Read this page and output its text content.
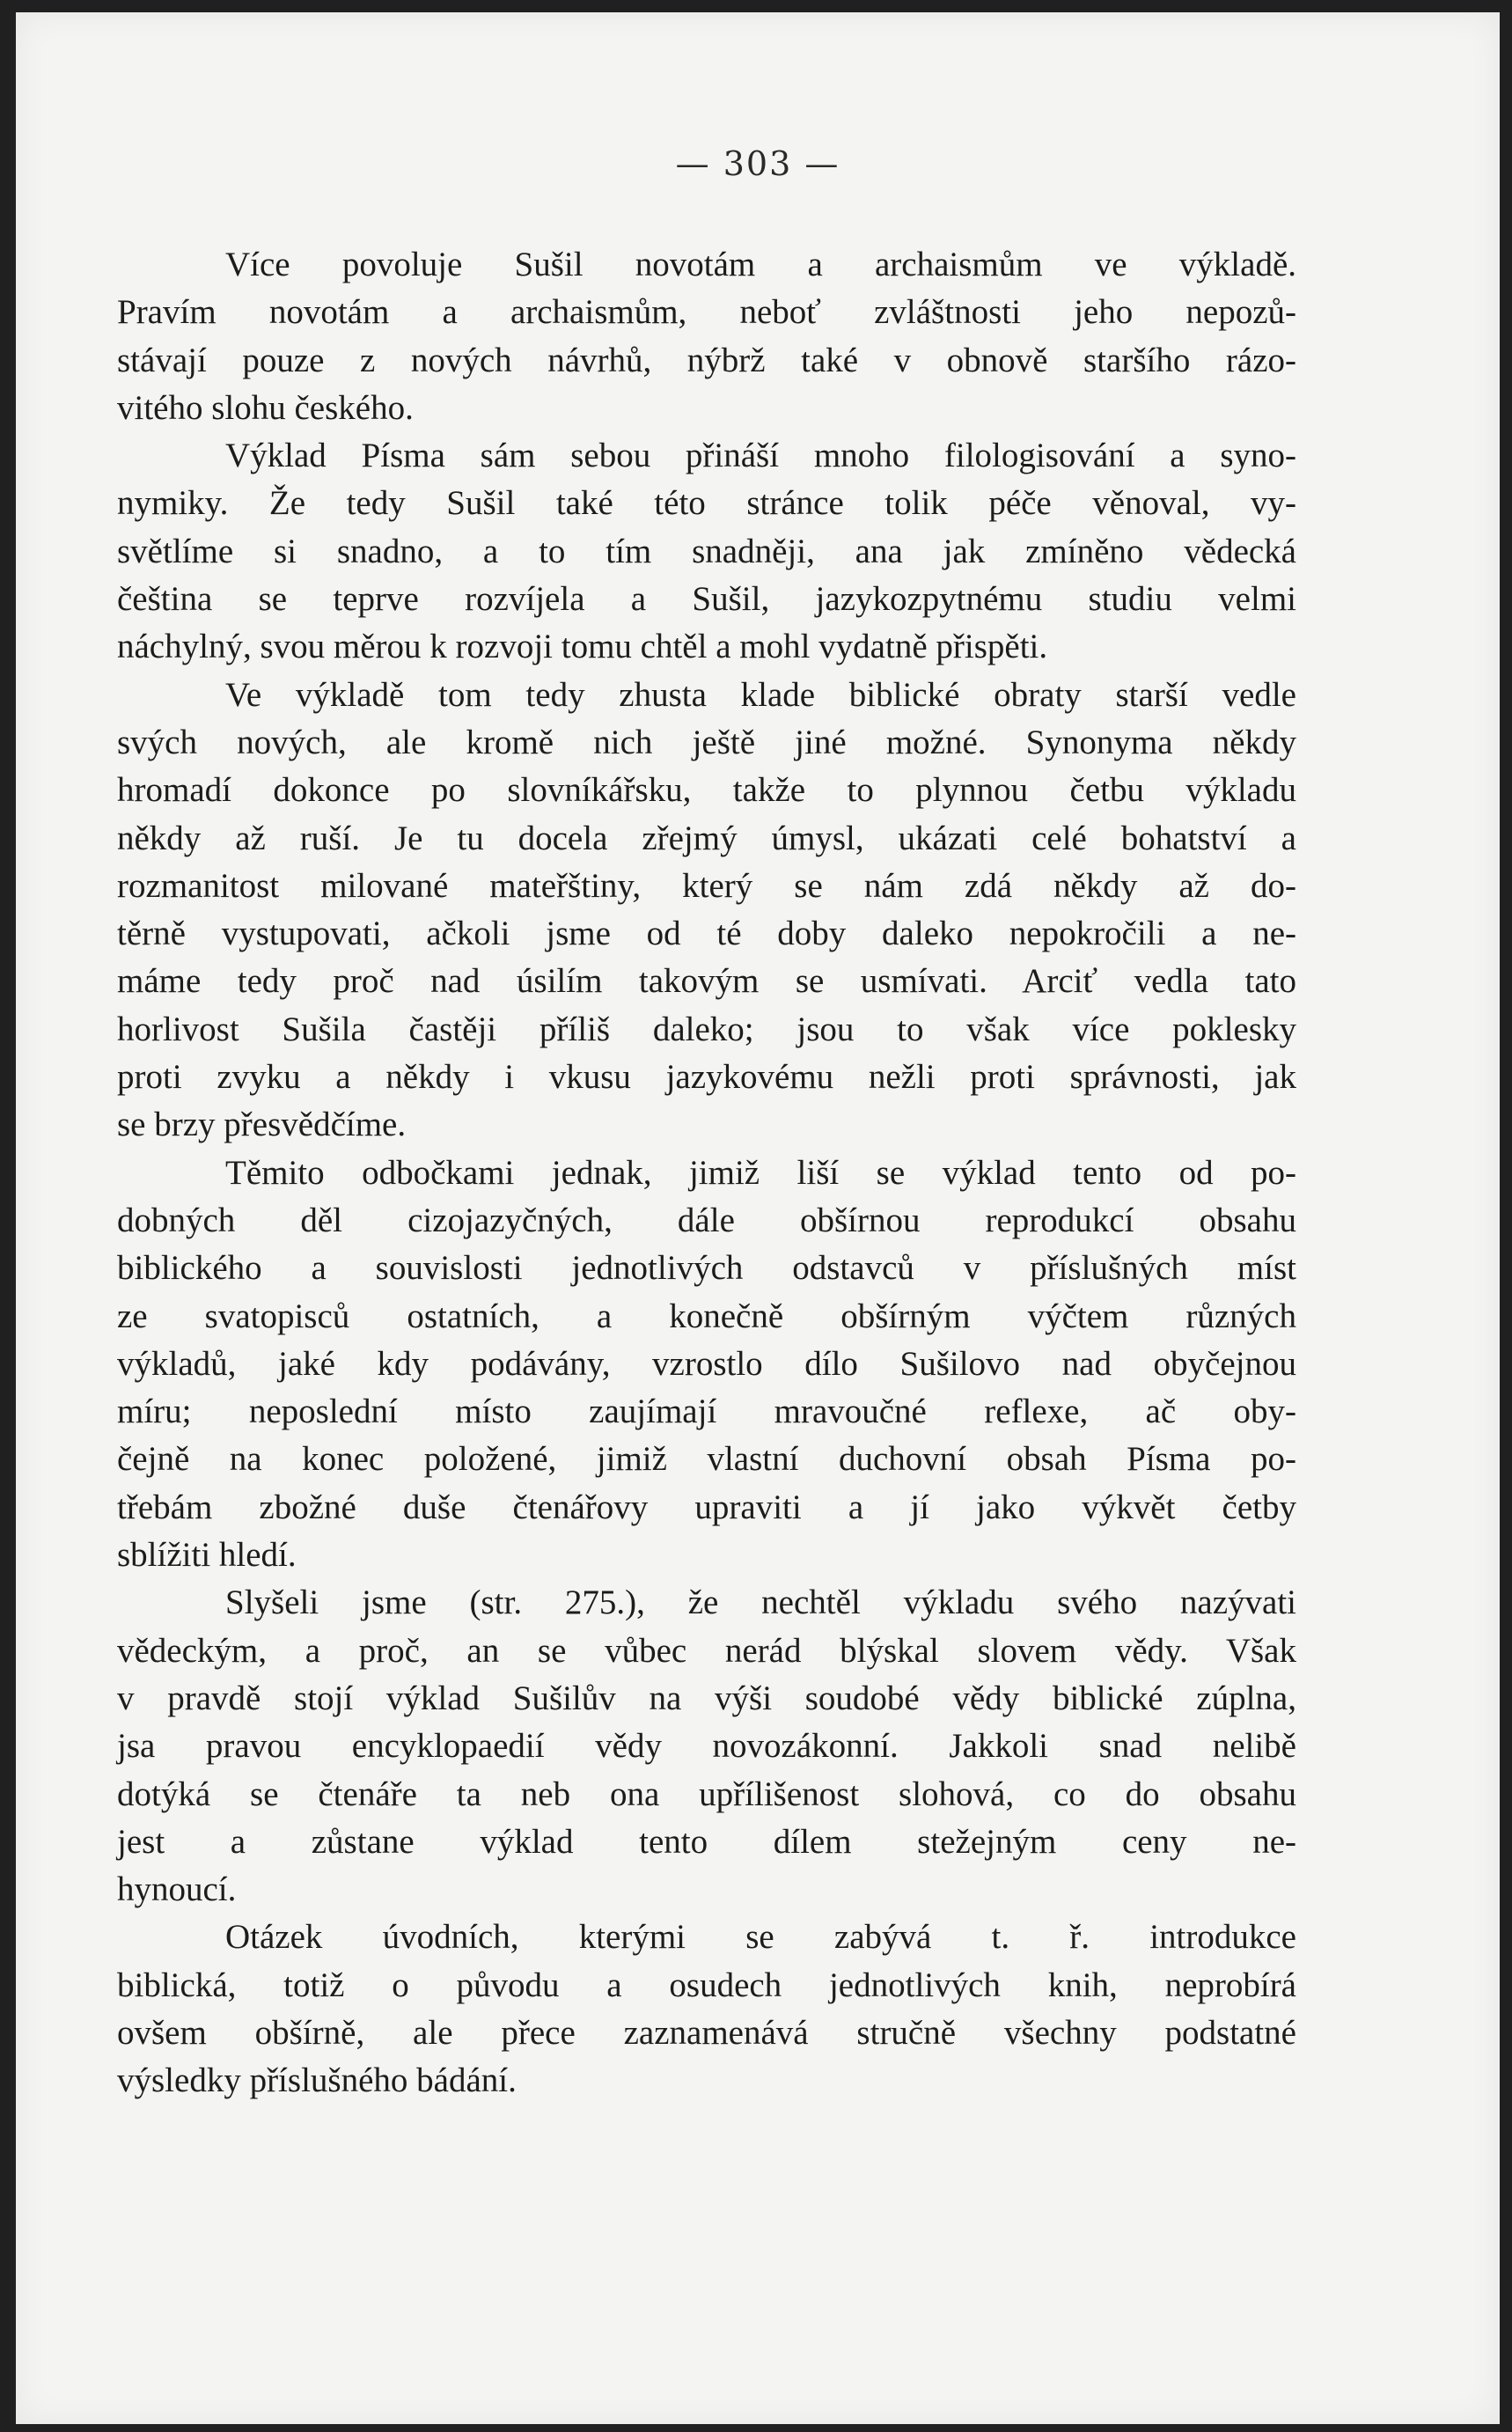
— 303 —
Více povoluje Sušil novotám a archaismům ve výkladě.
Pravím novotám a archaismům, neboť zvláštnosti jeho nepozů-
stávají pouze z nových návrhů, nýbrž také v obnově staršího rázo-
vitého slohu českého.
Výklad Písma sám sebou přináší mnoho filologisování a syno-
nymiky. Že tedy Sušil také této stránce tolik péče věnoval, vy-
světlíme si snadno, a to tím snadněji, ana jak zmíněno vědecká
čeština se teprve rozvíjela a Sušil, jazykozpytnému studiu velmi
náchylný, svou měrou k rozvoji tomu chtěl a mohl vydatně přispěti.
Ve výkladě tom tedy zhusta klade biblické obraty starší vedle
svých nových, ale kromě nich ještě jiné možné. Synonyma někdy
hromadí dokonce po slovníkářsku, takže to plynnou četbu výkladu
někdy až ruší. Je tu docela zřejmý úmysl, ukázati celé bohatství a
rozmanitost milované mateřštiny, který se nám zdá někdy až do-
těrně vystupovati, ačkoli jsme od té doby daleko nepokročili a ne-
máme tedy proč nad úsilím takovým se usmívati. Arciť vedla tato
horlivost Sušila častěji příliš daleko; jsou to však více poklesky
proti zvyku a někdy i vkusu jazykovému nežli proti správnosti, jak
se brzy přesvědčíme.
Těmito odbočkami jednak, jimiž liší se výklad tento od po-
dobných děl cizojazyčných, dále obšírnou reprodukcí obsahu
biblického a souvislosti jednotlivých odstavců v příslušných míst
ze svatopisců ostatních, a konečně obšírným výčtem různých
výkladů, jaké kdy podávány, vzrostlo dílo Sušilovo nad obyčejnou
míru; neposlední místo zaujímají mravoučné reflexe, ač oby-
čejně na konec položené, jimiž vlastní duchovní obsah Písma po-
třebám zbožné duše čtenářovy upraviti a jí jako výkvět četby
sblížiti hledí.
Slyšeli jsme (str. 275.), že nechtěl výkladu svého nazývati
vědeckým, a proč, an se vůbec nerád blýskal slovem vědy. Však
v pravdě stojí výklad Sušilův na výši soudobé vědy biblické zúplna,
jsa pravou encyklopaedií vědy novozákonní. Jakkoli snad nelibě
dotýká se čtenáře ta neb ona upřílišenost slohová, co do obsahu
jest a zůstane výklad tento dílem stežejným ceny ne-
hynoucí.
Otázek úvodních, kterými se zabývá t. ř. introdukce
biblická, totiž o původu a osudech jednotlivých knih, neprobírá
ovšem obšírně, ale přece zaznamenává stručně všechny podstatné
výsledky příslušného bádání.
